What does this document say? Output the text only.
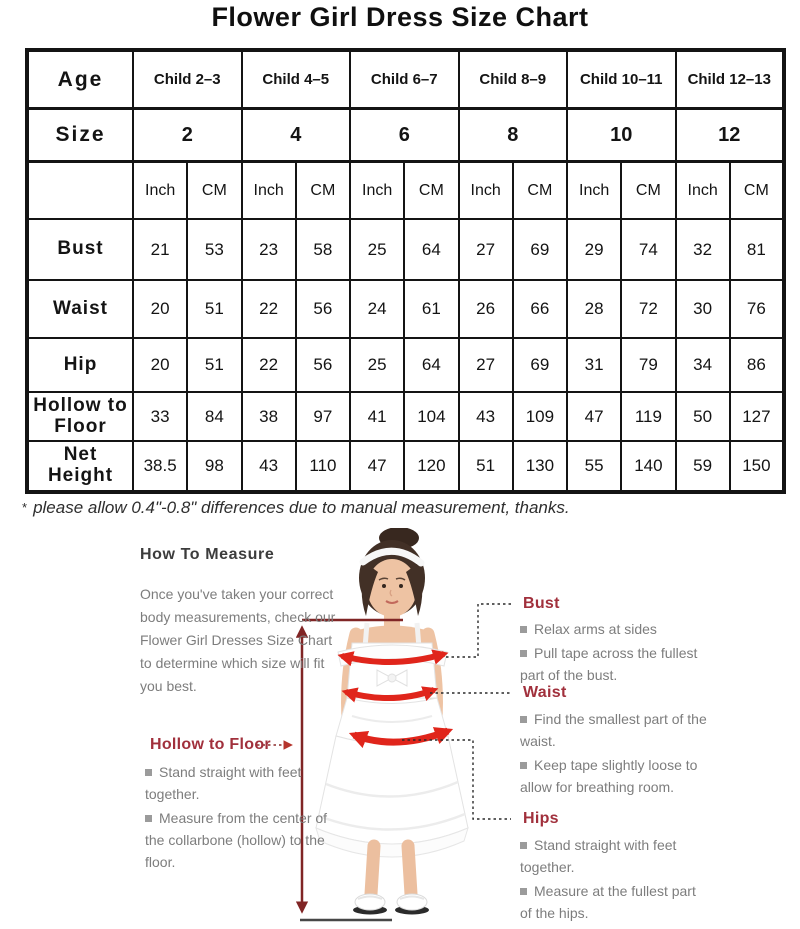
Flower Girl Dress Size Chart
Age	Child 2–3		Child 4–5		Child 6–7		Child 8–9		Child 10–11		Child 12–13	
Size	2		4		6		8		10		12	
	Inch	CM	Inch	CM	Inch	CM	Inch	CM	Inch	CM	Inch	CM
Bust	21	53	23	58	25	64	27	69	29	74	32	81
Waist	20	51	22	56	24	61	26	66	28	72	30	76
Hip	20	51	22	56	25	64	27	69	31	79	34	86
Hollow to Floor	33	84	38	97	41	104	43	109	47	119	50	127
Net Height	38.5	98	43	110	47	120	51	130	55	140	59	150
* please allow 0.4"-0.8" differences due to manual measurement, thanks.
How To Measure
Once you've taken your correct body measurements, check our Flower Girl Dresses Size Chart to determine which size will fit you best.
Hollow to Floor
Stand straight with feet together.
Measure from the center of the collarbone (hollow) to the floor.
Bust
Relax arms at sides
Pull tape across the fullest part of the bust.
Waist
Find the smallest part of the waist.
Keep tape slightly loose to allow for breathing room.
Hips
Stand straight with feet together.
Measure at the fullest part of the hips.
